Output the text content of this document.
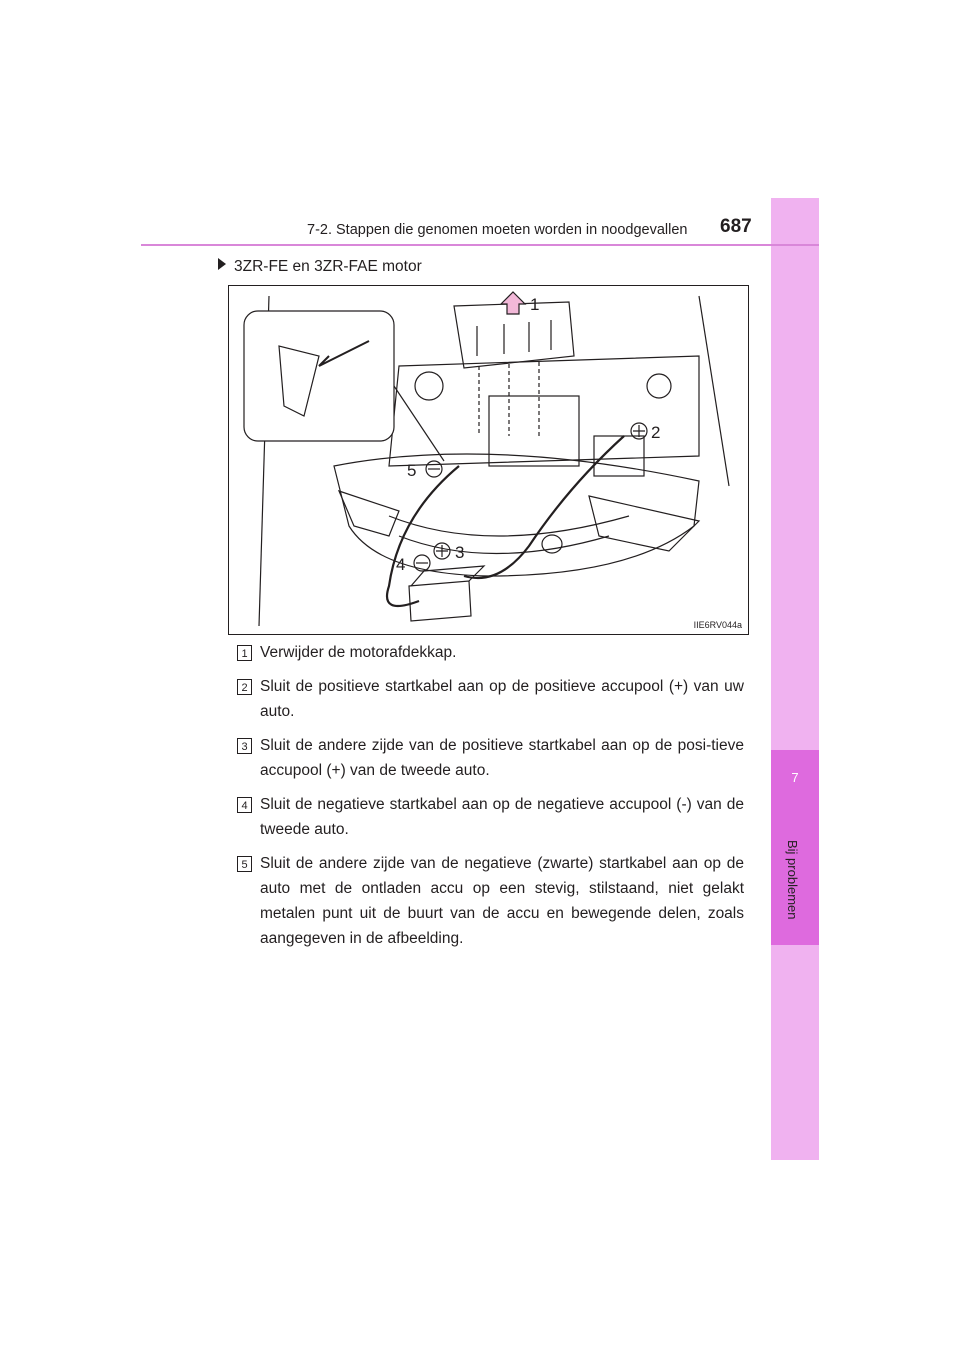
7
Bij problemen
7-2. Stappen die genomen moeten worden in noodgevallen 687
3ZR-FE en 3ZR-FAE motor
1
2
3
4
5
IIE6RV044a
1 Verwijder de motorafdekkap.
2 Sluit de positieve startkabel aan op de positieve accupool (+) van uw auto.
3 Sluit de andere zijde van de positieve startkabel aan op de posi-tieve accupool (+) van de tweede auto.
4 Sluit de negatieve startkabel aan op de negatieve accupool (-) van de tweede auto.
5 Sluit de andere zijde van de negatieve (zwarte) startkabel aan op de auto met de ontladen accu op een stevig, stilstaand, niet gelakt metalen punt uit de buurt van de accu en bewegende delen, zoals aangegeven in de afbeelding.
